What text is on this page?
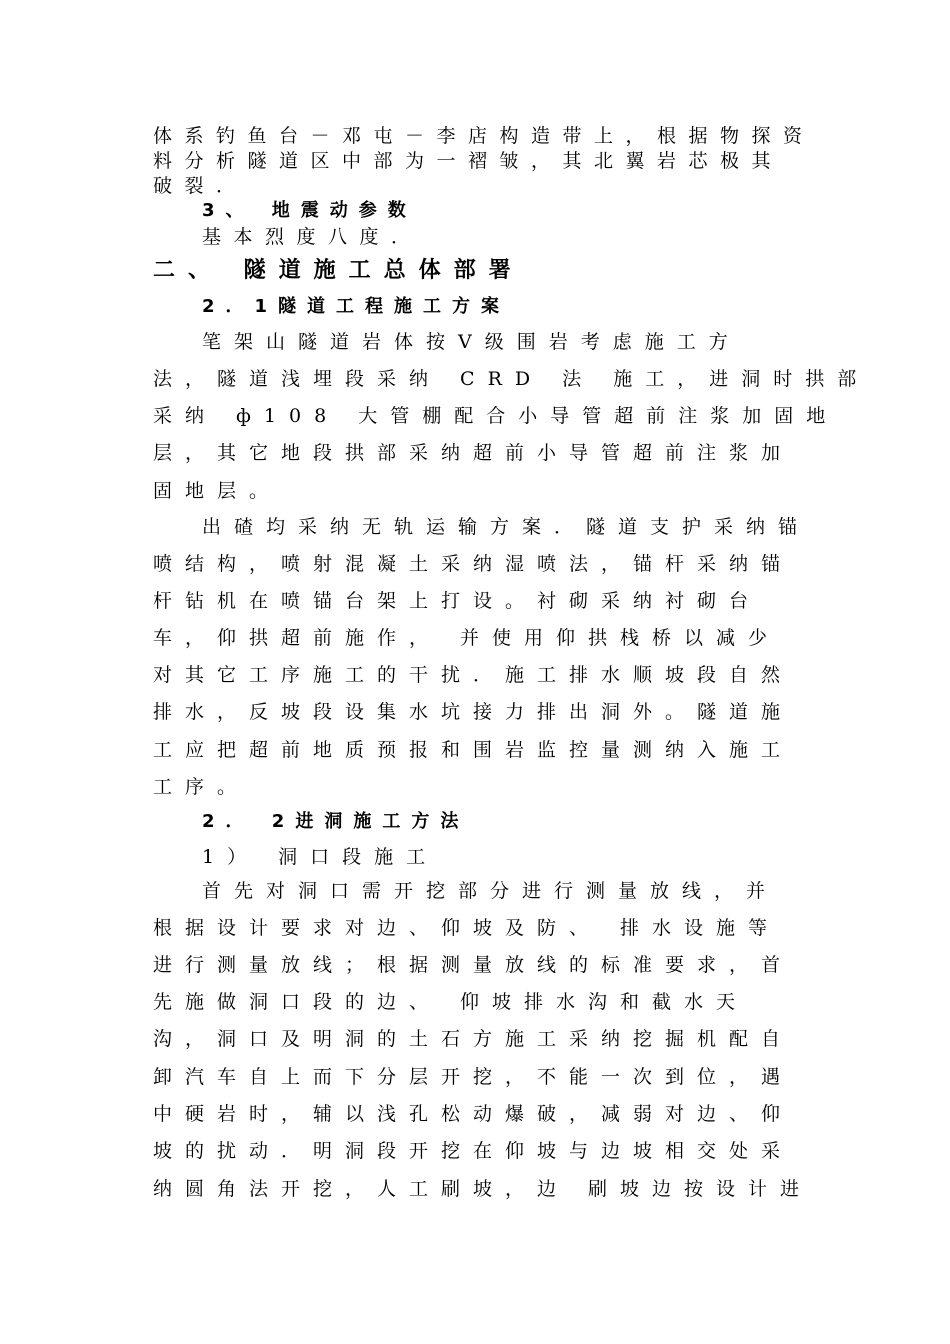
体系钓鱼台－邓屯－李店构造带上，根据物探资
料分析隧道区中部为一褶皱，其北翼岩芯极其
破裂．
3、 地震动参数
基本烈度八度．
二、 隧道施工总体部署
2．1隧道工程施工方案
笔架山隧道岩体按Ⅴ级围岩考虑施工方
法，隧道浅埋段采纳 CRD 法 施工，进洞时拱部
采纳 ф108 大管棚配合小导管超前注浆加固地
层，其它地段拱部采纳超前小导管超前注浆加
固地层。
出碴均采纳无轨运输方案．隧道支护采纳锚
喷结构，喷射混凝土采纳湿喷法，锚杆采纳锚
杆钻机在喷锚台架上打设。衬砌采纳衬砌台
车，仰拱超前施作， 并使用仰拱栈桥以减少
对其它工序施工的干扰．施工排水顺坡段自然
排水，反坡段设集水坑接力排出洞外。隧道施
工应把超前地质预报和围岩监控量测纳入施工
工序。
2． 2进洞施工方法
1） 洞口段施工
首先对洞口需开挖部分进行测量放线，并
根据设计要求对边、仰坡及防、 排水设施等
进行测量放线；根据测量放线的标准要求，首
先施做洞口段的边、 仰坡排水沟和截水天
沟，洞口及明洞的土石方施工采纳挖掘机配自
卸汽车自上而下分层开挖，不能一次到位，遇
中硬岩时，辅以浅孔松动爆破，减弱对边、仰
坡的扰动．明洞段开挖在仰坡与边坡相交处采
纳圆角法开挖，人工刷坡，边 刷坡边按设计进
